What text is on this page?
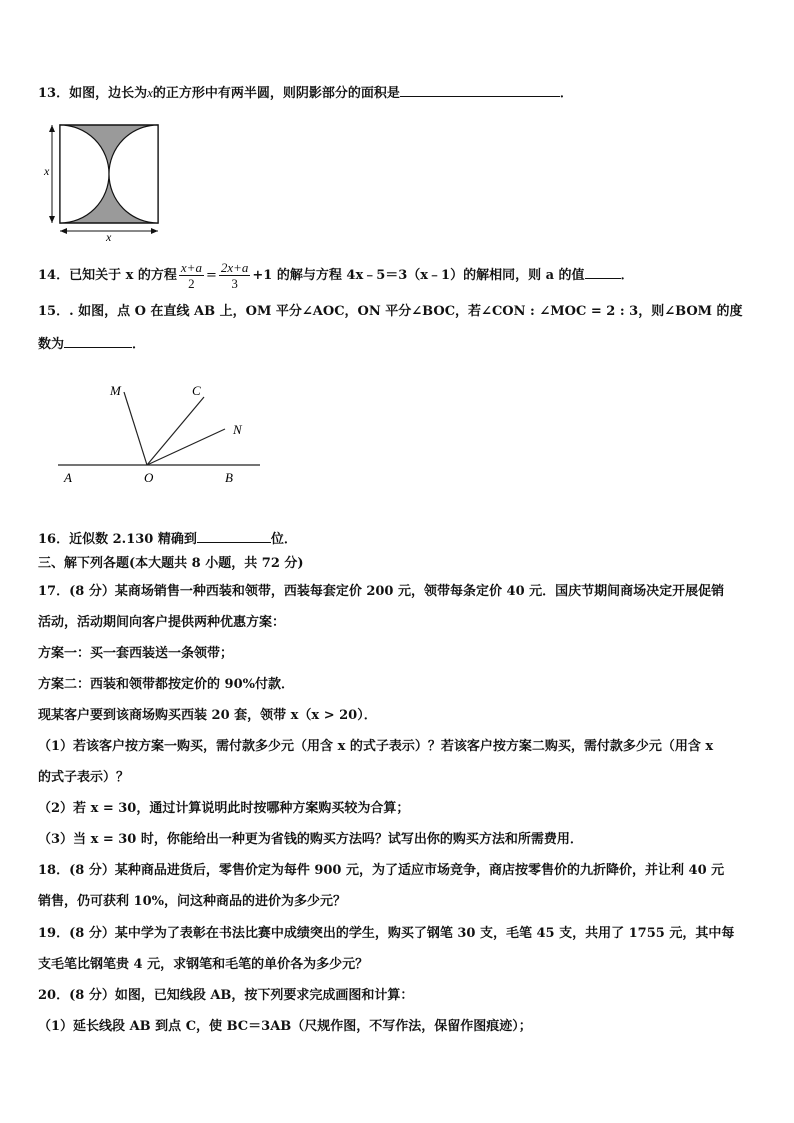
13．如图，边长为x的正方形中有两半圆，则阴影部分的面积是	．
x
x
14．已知关于 x 的方程 $\frac{x+a}{2} = \frac{2x+a}{3} +1$ 的解与方程 4x﹣5＝3（x﹣1）的解相同，则 a 的值	．
15．. 如图，点 O 在直线 AB 上，OM 平分∠AOC，ON 平分∠BOC，若∠CON : ∠MOC = 2 : 3，则∠BOM 的度
数为	．
M	C
N
A	O	B
16．近似数 2.130 精确到	位．
三、解下列各题(本大题共 8 小题，共 72 分)
17．(8 分）某商场销售一种西装和领带，西装每套定价 200 元，领带每条定价 40 元．国庆节期间商场决定开展促销
活动，活动期间向客户提供两种优惠方案：
方案一：买一套西装送一条领带；
方案二：西装和领带都按定价的 90%付款．
现某客户要到该商场购买西装 20 套，领带 x（x > 20）．
（1）若该客户按方案一购买，需付款多少元（用含 x 的式子表示）？若该客户按方案二购买，需付款多少元（用含 x
的式子表示）？
（2）若 x = 30，通过计算说明此时按哪种方案购买较为合算；
（3）当 x = 30 时，你能给出一种更为省钱的购买方法吗？试写出你的购买方法和所需费用．
18．(8 分）某种商品进货后，零售价定为每件 900 元，为了适应市场竞争，商店按零售价的九折降价，并让利 40 元
销售，仍可获利 10%，问这种商品的进价为多少元？
19．(8 分）某中学为了表彰在书法比赛中成绩突出的学生，购买了钢笔 30 支，毛笔 45 支，共用了 1755 元，其中每
支毛笔比钢笔贵 4 元，求钢笔和毛笔的单价各为多少元？
20．(8 分）如图，已知线段 AB，按下列要求完成画图和计算：
（1）延长线段 AB 到点 C，使 BC＝3AB（尺规作图，不写作法，保留作图痕迹）；
